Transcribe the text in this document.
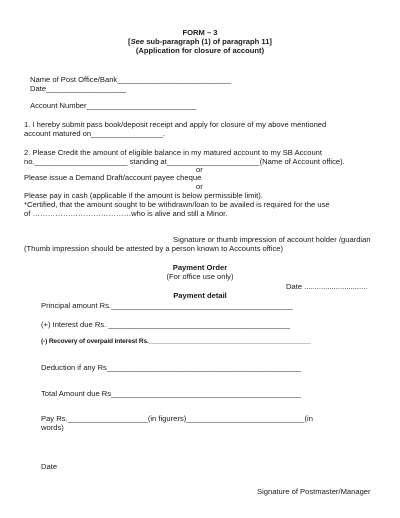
FORM – 3
[See sub-paragraph (1) of paragraph 11]
(Application for closure of account)
Name of Post Office/Bank___________________________
Date___________________
Account Number__________________________
1. I hereby submit pass book/deposit receipt and apply for closure of my above mentioned
account matured on_________________.
2. Please Credit the amount of eligible balance in my matured account to my SB Account
no.______________________ standing at______________________(Name of Account office).
or
Please issue a Demand Draft/account payee cheque
or
Please pay in cash (applicable if the amount is below permissible limit).
*Certified, that the amount sought to be withdrawn/loan to be availed is required for the use
of …………………………………who is alive and still a Minor.
Signature or thumb impression of account holder /guardian
(Thumb impression should be attested by a person known to Accounts office)
Payment Order
(For office use only)
Date ..............................
Payment detail
Principal amount Rs.___________________________________________
(+) Interest due Rs. ___________________________________________
(-) Recovery of overpaid interest Rs.______________________________________________
Deduction if any Rs______________________________________________
Total Amount due Rs_____________________________________________
Pay Rs.___________________(in figurers)____________________________(in
words)
Date
Signature of Postmaster/Manager
